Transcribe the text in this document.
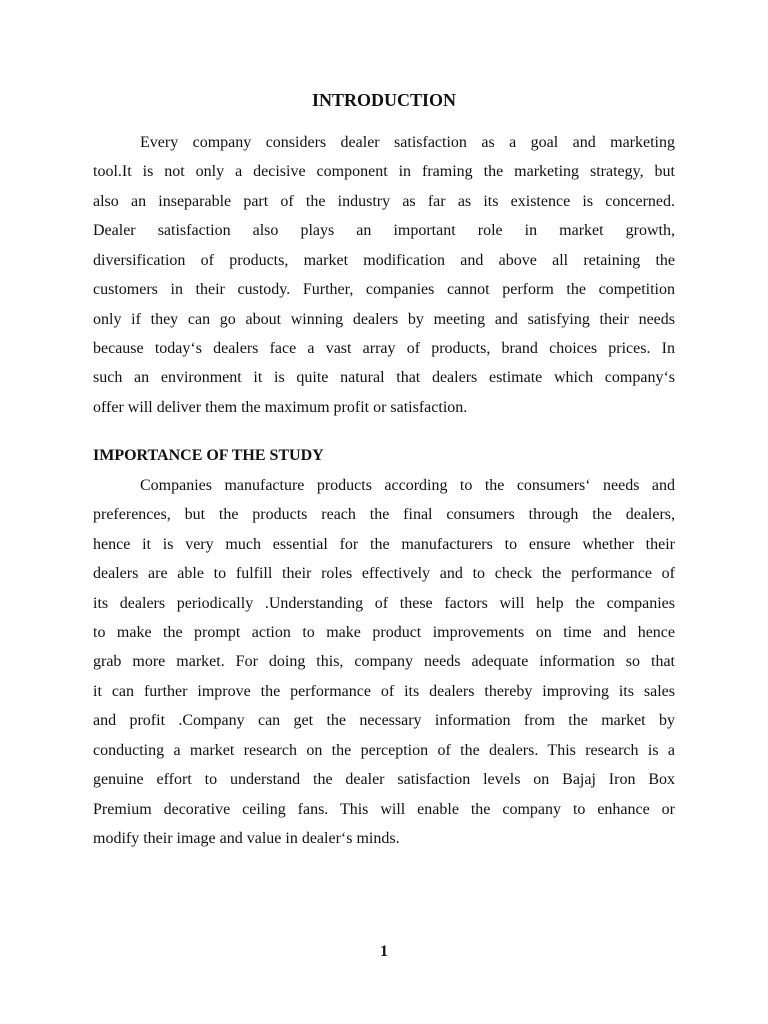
INTRODUCTION

Every company considers dealer satisfaction as a goal and marketing

tool.It is not only a decisive component in framing the marketing strategy, but

also an inseparable part of the industry as far as its existence is concerned.

Dealer satisfaction also plays an important role in market growth,

diversification of products, market modification and above all retaining the

customers in their custody. Further, companies cannot perform the competition

only if they can go about winning dealers by meeting and satisfying their needs

because today‘s dealers face a vast array of products, brand choices prices. In

such an environment it is quite natural that dealers estimate which company‘s

offer will deliver them the maximum profit or satisfaction.

IMPORTANCE OF THE STUDY

Companies manufacture products according to the consumers‘ needs and

preferences, but the products reach the final consumers through the dealers,

hence it is very much essential for the manufacturers to ensure whether their

dealers are able to fulfill their roles effectively and to check the performance of

its dealers periodically .Understanding of these factors will help the companies

to make the prompt action to make product improvements on time and hence

grab more market. For doing this, company needs adequate information so that

it can further improve the performance of its dealers thereby improving its sales

and profit .Company can get the necessary information from the market by

conducting a market research on the perception of the dealers. This research is a

genuine effort to understand the dealer satisfaction levels on Bajaj Iron Box

Premium decorative ceiling fans. This will enable the company to enhance or

modify their image and value in dealer‘s minds.

1
